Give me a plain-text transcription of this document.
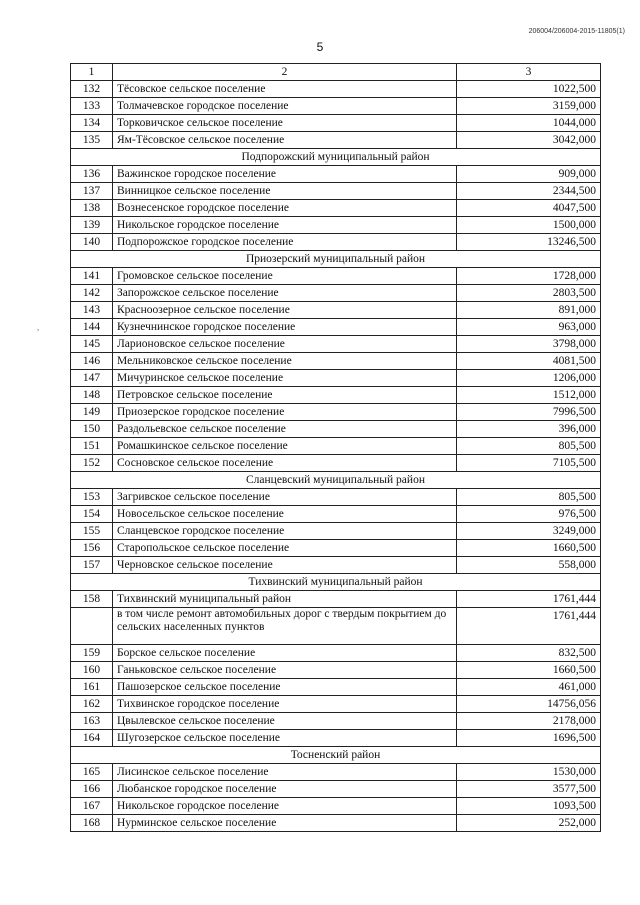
206004/206004-2015-11805(1)
5
,
1	2	3
132	Тёсовское сельское поселение	1022,500
133	Толмачевское городское поселение	3159,000
134	Торковичское сельское поселение	1044,000
135	Ям-Тёсовское сельское поселение	3042,000
Подпорожский муниципальный район		
136	Важинское городское поселение	909,000
137	Винницкое сельское поселение	2344,500
138	Вознесенское городское поселение	4047,500
139	Никольское городское поселение	1500,000
140	Подпорожское городское поселение	13246,500
Приозерский муниципальный район		
141	Громовское сельское поселение	1728,000
142	Запорожское сельское поселение	2803,500
143	Красноозерное сельское поселение	891,000
144	Кузнечнинское городское поселение	963,000
145	Ларионовское сельское поселение	3798,000
146	Мельниковское сельское поселение	4081,500
147	Мичуринское сельское поселение	1206,000
148	Петровское сельское поселение	1512,000
149	Приозерское городское поселение	7996,500
150	Раздольевское сельское поселение	396,000
151	Ромашкинское сельское поселение	805,500
152	Сосновское сельское поселение	7105,500
Сланцевский муниципальный район		
153	Загривское сельское поселение	805,500
154	Новосельское сельское поселение	976,500
155	Сланцевское городское поселение	3249,000
156	Старопольское сельское поселение	1660,500
157	Черновское сельское поселение	558,000
Тихвинский муниципальный район		
158	Тихвинский муниципальный район	1761,444
	в том числе ремонт автомобильных дорог с твердым покрытием до сельских населенных пунктов	1761,444
159	Борское сельское поселение	832,500
160	Ганьковское сельское поселение	1660,500
161	Пашозерское сельское поселение	461,000
162	Тихвинское городское поселение	14756,056
163	Цвылевское сельское поселение	2178,000
164	Шугозерское сельское поселение	1696,500
Тосненский район		
165	Лисинское сельское поселение	1530,000
166	Любанское городское поселение	3577,500
167	Никольское городское поселение	1093,500
168	Нурминское сельское поселение	252,000
